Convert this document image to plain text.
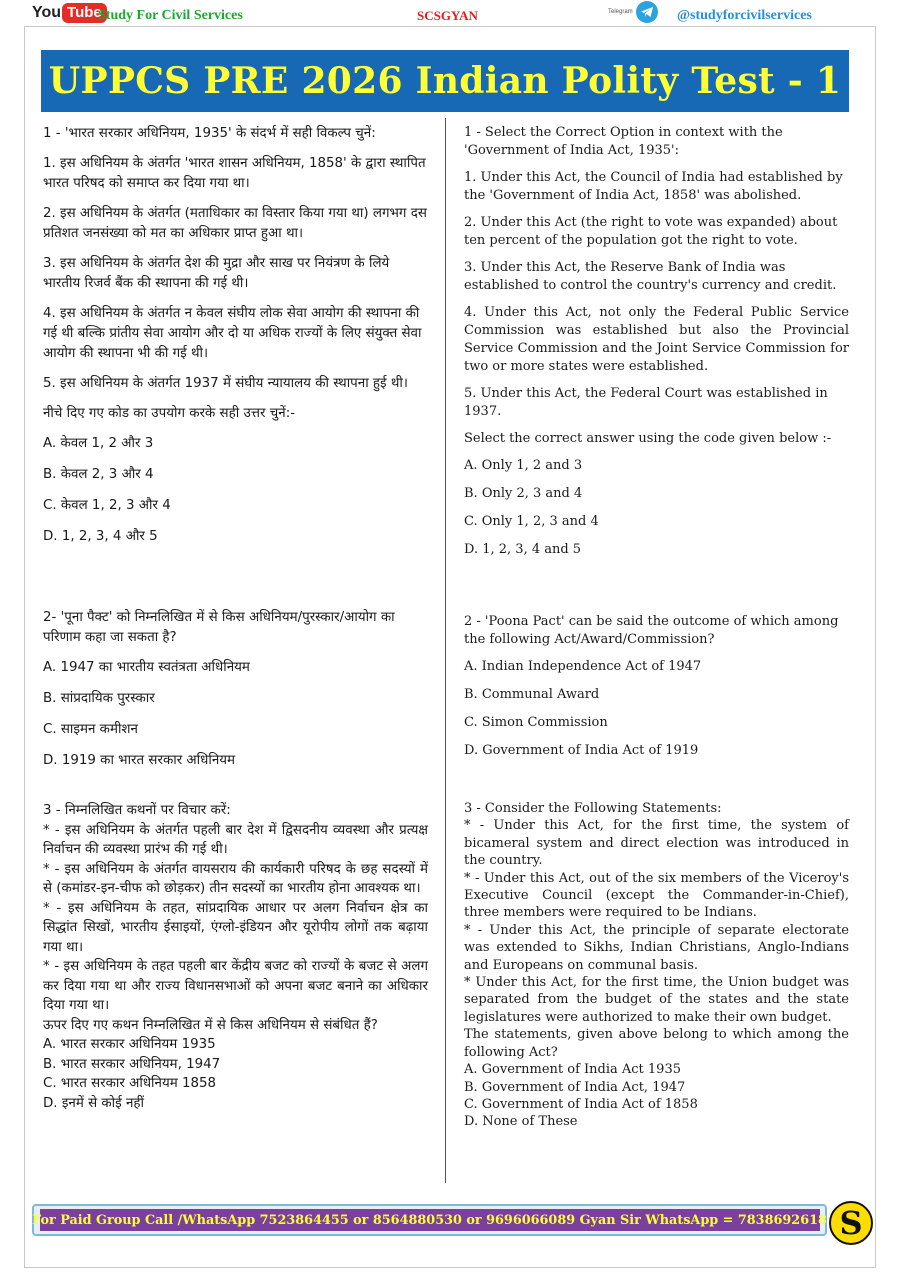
You Tube
Study For Civil Services	SCSGYAN	Telegram	@studyforcivilservices
UPPCS PRE 2026 Indian Polity Test - 1

1 - 'भारत सरकार अधिनियम, 1935' के संदर्भ में सही विकल्प चुनें:

1. इस अधिनियम के अंतर्गत 'भारत शासन अधिनियम, 1858' के द्वारा स्थापित भारत परिषद को समाप्त कर दिया गया था।

2. इस अधिनियम के अंतर्गत (मताधिकार का विस्तार किया गया था) लगभग दस प्रतिशत जनसंख्या को मत का अधिकार प्राप्त हुआ था।

3. इस अधिनियम के अंतर्गत देश की मुद्रा और साख पर नियंत्रण के लिये भारतीय रिजर्व बैंक की स्थापना की गई थी।

4. इस अधिनियम के अंतर्गत न केवल संघीय लोक सेवा आयोग की स्थापना की गई थी बल्कि प्रांतीय सेवा आयोग और दो या अधिक राज्यों के लिए संयुक्त सेवा आयोग की स्थापना भी की गई थी।

5. इस अधिनियम के अंतर्गत 1937 में संघीय न्यायालय की स्थापना हुई थी।

नीचे दिए गए कोड का उपयोग करके सही उत्तर चुनें:-

A. केवल 1, 2 और 3

B. केवल 2, 3 और 4

C. केवल 1, 2, 3 और 4

D. 1, 2, 3, 4 और 5

2- 'पूना पैक्ट' को निम्नलिखित में से किस अधिनियम/पुरस्कार/आयोग का परिणाम कहा जा सकता है?

A. 1947 का भारतीय स्वतंत्रता अधिनियम

B. सांप्रदायिक पुरस्कार

C. साइमन कमीशन

D. 1919 का भारत सरकार अधिनियम

3 - निम्नलिखित कथनों पर विचार करें:

* - इस अधिनियम के अंतर्गत पहली बार देश में द्विसदनीय व्यवस्था और प्रत्यक्ष निर्वाचन की व्यवस्था प्रारंभ की गई थी।

* - इस अधिनियम के अंतर्गत वायसराय की कार्यकारी परिषद के छह सदस्यों में से (कमांडर-इन-चीफ को छोड़कर) तीन सदस्यों का भारतीय होना आवश्यक था।

* - इस अधिनियम के तहत, सांप्रदायिक आधार पर अलग निर्वाचन क्षेत्र का सिद्धांत सिखों, भारतीय ईसाइयों, एंग्लो-इंडियन और यूरोपीय लोगों तक बढ़ाया गया था।

* - इस अधिनियम के तहत पहली बार केंद्रीय बजट को राज्यों के बजट से अलग कर दिया गया था और राज्य विधानसभाओं को अपना बजट बनाने का अधिकार दिया गया था।

ऊपर दिए गए कथन निम्नलिखित में से किस अधिनियम से संबंधित हैं?

A. भारत सरकार अधिनियम 1935

B. भारत सरकार अधिनियम, 1947

C. भारत सरकार अधिनियम 1858

D. इनमें से कोई नहीं

1 - Select the Correct Option in context with the 'Government of India Act, 1935':

1. Under this Act, the Council of India had established by the 'Government of India Act, 1858' was abolished.

2. Under this Act (the right to vote was expanded) about ten percent of the population got the right to vote.

3. Under this Act, the Reserve Bank of India was established to control the country's currency and credit.

4. Under this Act, not only the Federal Public Service Commission was established but also the Provincial Service Commission and the Joint Service Commission for two or more states were established.

5. Under this Act, the Federal Court was established in 1937.

Select the correct answer using the code given below :-

A. Only 1, 2 and 3

B. Only 2, 3 and 4

C. Only 1, 2, 3 and 4

D. 1, 2, 3, 4 and 5

2 - 'Poona Pact' can be said the outcome of which among the following Act/Award/Commission?

A. Indian Independence Act of 1947

B. Communal Award

C. Simon Commission

D. Government of India Act of 1919

3 - Consider the Following Statements:

* - Under this Act, for the first time, the system of bicameral system and direct election was introduced in the country.

* - Under this Act, out of the six members of the Viceroy's Executive Council (except the Commander-in-Chief), three members were required to be Indians.

* - Under this Act, the principle of separate electorate was extended to Sikhs, Indian Christians, Anglo-Indians and Europeans on communal basis.

* Under this Act, for the first time, the Union budget was separated from the budget of the states and the state legislatures were authorized to make their own budget.

The statements, given above belong to which among the following Act?

A. Government of India Act 1935

B. Government of India Act, 1947

C. Government of India Act of 1858

D. None of These

For Paid Group Call /WhatsApp 7523864455 or 8564880530 or 9696066089 Gyan Sir WhatsApp = 7838692618 S
